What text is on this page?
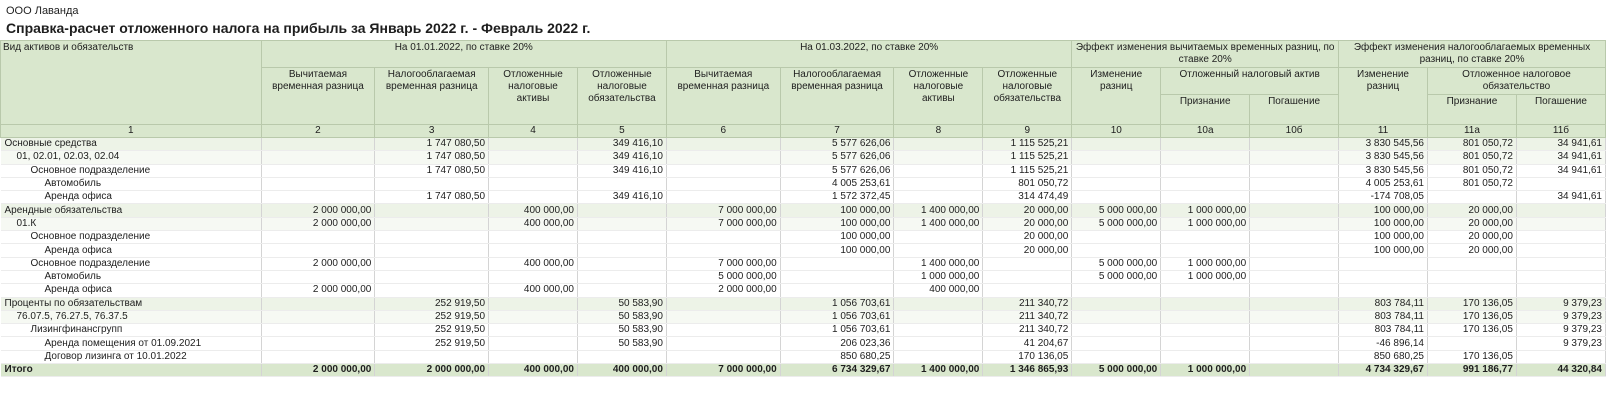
ООО Лаванда
Справка-расчет отложенного налога на прибыль за Январь 2022 г. - Февраль 2022 г.
Вид активов и обязательств	На 01.01.2022, по ставке 20%				На 01.03.2022, по ставке 20%				Эффект изменения вычитаемых временных разниц, по ставке 20%			Эффект изменения налогооблагаемых временных разниц, по ставке 20%		
	Вычитаемая временная разница	Налогооблагаемая временная разница	Отложенные налоговые активы	Отложенные налоговые обязательства	Вычитаемая временная разница	Налогооблагаемая временная разница	Отложенные налоговые активы	Отложенные налоговые обязательства	Изменение разниц	Отложенный налоговый актив		Изменение разниц	Отложенное налоговое обязательство	
										Признание	Погашение		Признание	Погашение

1	2	3	4	5	6	7	8	9	10	10а	10б	11	11а	11б
Основные средства		1 747 080,50		349 416,10		5 577 626,06		1 115 525,21				3 830 545,56	801 050,72	34 941,61
01, 02.01, 02.03, 02.04		1 747 080,50		349 416,10		5 577 626,06		1 115 525,21				3 830 545,56	801 050,72	34 941,61
Основное подразделение		1 747 080,50		349 416,10		5 577 626,06		1 115 525,21				3 830 545,56	801 050,72	34 941,61
Автомобиль						4 005 253,61		801 050,72				4 005 253,61	801 050,72	
Аренда офиса		1 747 080,50		349 416,10		1 572 372,45		314 474,49				-174 708,05		34 941,61
Арендные обязательства	2 000 000,00		400 000,00		7 000 000,00	100 000,00	1 400 000,00	20 000,00	5 000 000,00	1 000 000,00		100 000,00	20 000,00	
01.К	2 000 000,00		400 000,00		7 000 000,00	100 000,00	1 400 000,00	20 000,00	5 000 000,00	1 000 000,00		100 000,00	20 000,00	
Основное подразделение						100 000,00		20 000,00				100 000,00	20 000,00	
Аренда офиса						100 000,00		20 000,00				100 000,00	20 000,00	
Основное подразделение	2 000 000,00		400 000,00		7 000 000,00		1 400 000,00		5 000 000,00	1 000 000,00				
Автомобиль					5 000 000,00		1 000 000,00		5 000 000,00	1 000 000,00				
Аренда офиса	2 000 000,00		400 000,00		2 000 000,00		400 000,00							
Проценты по обязательствам		252 919,50		50 583,90		1 056 703,61		211 340,72				803 784,11	170 136,05	9 379,23
76.07.5, 76.27.5, 76.37.5		252 919,50		50 583,90		1 056 703,61		211 340,72				803 784,11	170 136,05	9 379,23
Лизингфинансгрупп		252 919,50		50 583,90		1 056 703,61		211 340,72				803 784,11	170 136,05	9 379,23
Аренда помещения от 01.09.2021		252 919,50		50 583,90		206 023,36		41 204,67				-46 896,14		9 379,23
Договор лизинга от 10.01.2022						850 680,25		170 136,05				850 680,25	170 136,05	
Итого	2 000 000,00	2 000 000,00	400 000,00	400 000,00	7 000 000,00	6 734 329,67	1 400 000,00	1 346 865,93	5 000 000,00	1 000 000,00		4 734 329,67	991 186,77	44 320,84
